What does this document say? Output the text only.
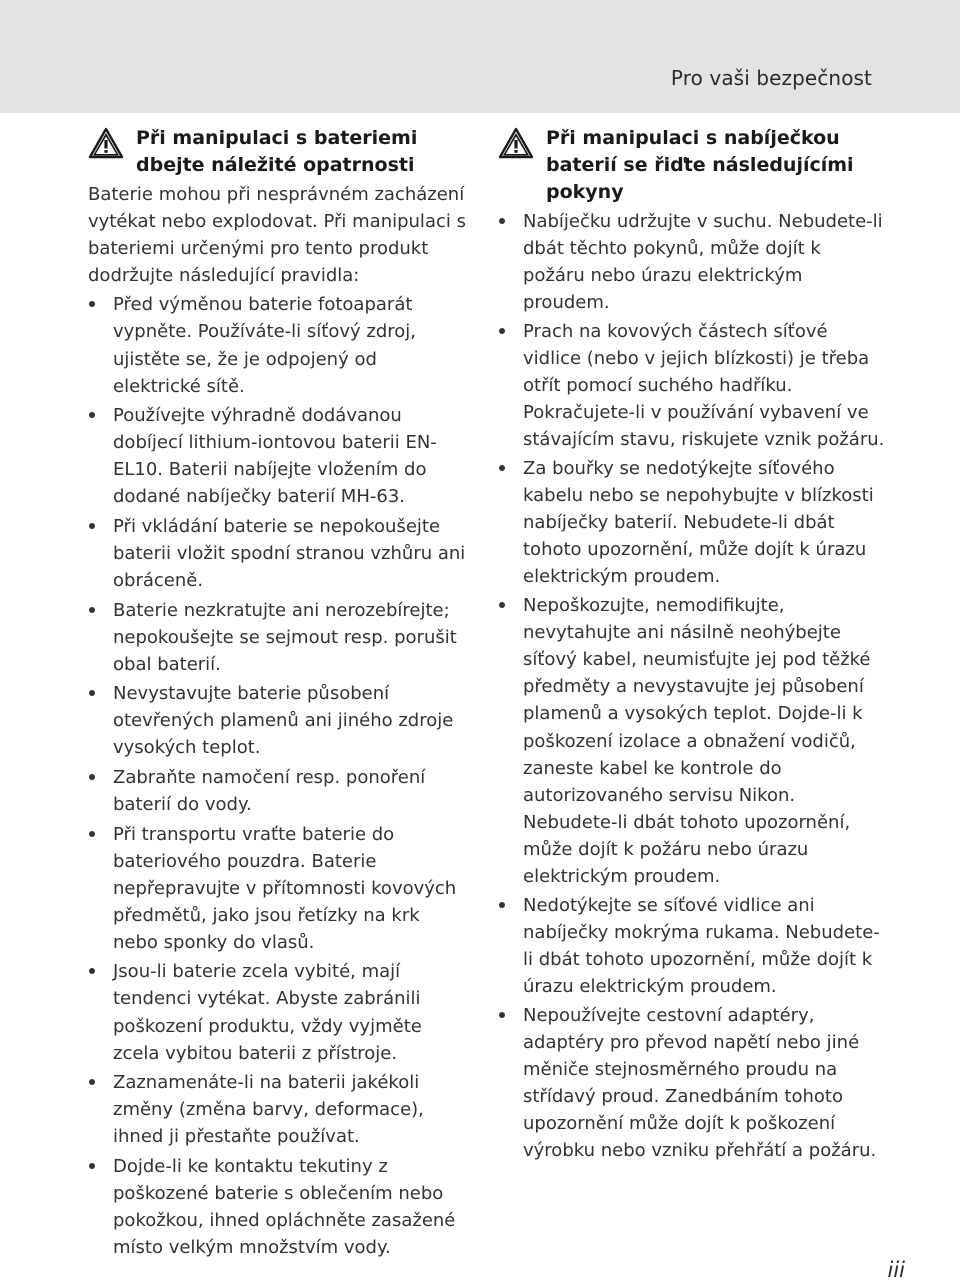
Pro vaši bezpečnost
Při manipulaci s bateriemi
dbejte náležité opatrnosti

Baterie mohou při nesprávném zacházení vytékat nebo explodovat. Při manipulaci s bateriemi určenými pro tento produkt dodržujte následující pravidla:

Před výměnou baterie fotoaparát vypněte. Používáte-li síťový zdroj, ujistěte se, že je odpojený od elektrické sítě.
Používejte výhradně dodávanou dobíjecí lithium-iontovou baterii EN-EL10. Baterii nabíjejte vložením do dodané nabíječky baterií MH-63.
Při vkládání baterie se nepokoušejte baterii vložit spodní stranou vzhůru ani obráceně.
Baterie nezkratujte ani nerozebírejte; nepokoušejte se sejmout resp. porušit obal baterií.
Nevystavujte baterie působení otevřených plamenů ani jiného zdroje vysokých teplot.
Zabraňte namočení resp. ponoření baterií do vody.
Při transportu vraťte baterie do bateriového pouzdra. Baterie nepřepravujte v přítomnosti kovových předmětů, jako jsou řetízky na krk nebo sponky do vlasů.
Jsou-li baterie zcela vybité, mají tendenci vytékat. Abyste zabránili poškození produktu, vždy vyjměte zcela vybitou baterii z přístroje.
Zaznamenáte-li na baterii jakékoli změny (změna barvy, deformace), ihned ji přestaňte používat.
Dojde-li ke kontaktu tekutiny z poškozené baterie s oblečením nebo pokožkou, ihned opláchněte zasažené místo velkým množstvím vody.
Při manipulaci s nabíječkou
baterií se řiďte následujícími
pokyny
Nabíječku udržujte v suchu. Nebudete-li dbát těchto pokynů, může dojít k požáru nebo úrazu elektrickým proudem.
Prach na kovových částech síťové vidlice (nebo v jejich blízkosti) je třeba otřít pomocí suchého hadříku. Pokračujete-li v používání vybavení ve stávajícím stavu, riskujete vznik požáru.
Za bouřky se nedotýkejte síťového kabelu nebo se nepohybujte v blízkosti nabíječky baterií. Nebudete-li dbát tohoto upozornění, může dojít k úrazu elektrickým proudem.
Nepoškozujte, nemodifikujte, nevytahujte ani násilně neohýbejte síťový kabel, neumisťujte jej pod těžké předměty a nevystavujte jej působení plamenů a vysokých teplot. Dojde-li k poškození izolace a obnažení vodičů, zaneste kabel ke kontrole do autorizovaného servisu Nikon. Nebudete-li dbát tohoto upozornění, může dojít k požáru nebo úrazu elektrickým proudem.
Nedotýkejte se síťové vidlice ani nabíječky mokrýma rukama. Nebudete-li dbát tohoto upozornění, může dojít k úrazu elektrickým proudem.
Nepoužívejte cestovní adaptéry, adaptéry pro převod napětí nebo jiné měniče stejnosměrného proudu na střídavý proud. Zanedbáním tohoto upozornění může dojít k poškození výrobku nebo vzniku přehřátí a požáru.
iii
